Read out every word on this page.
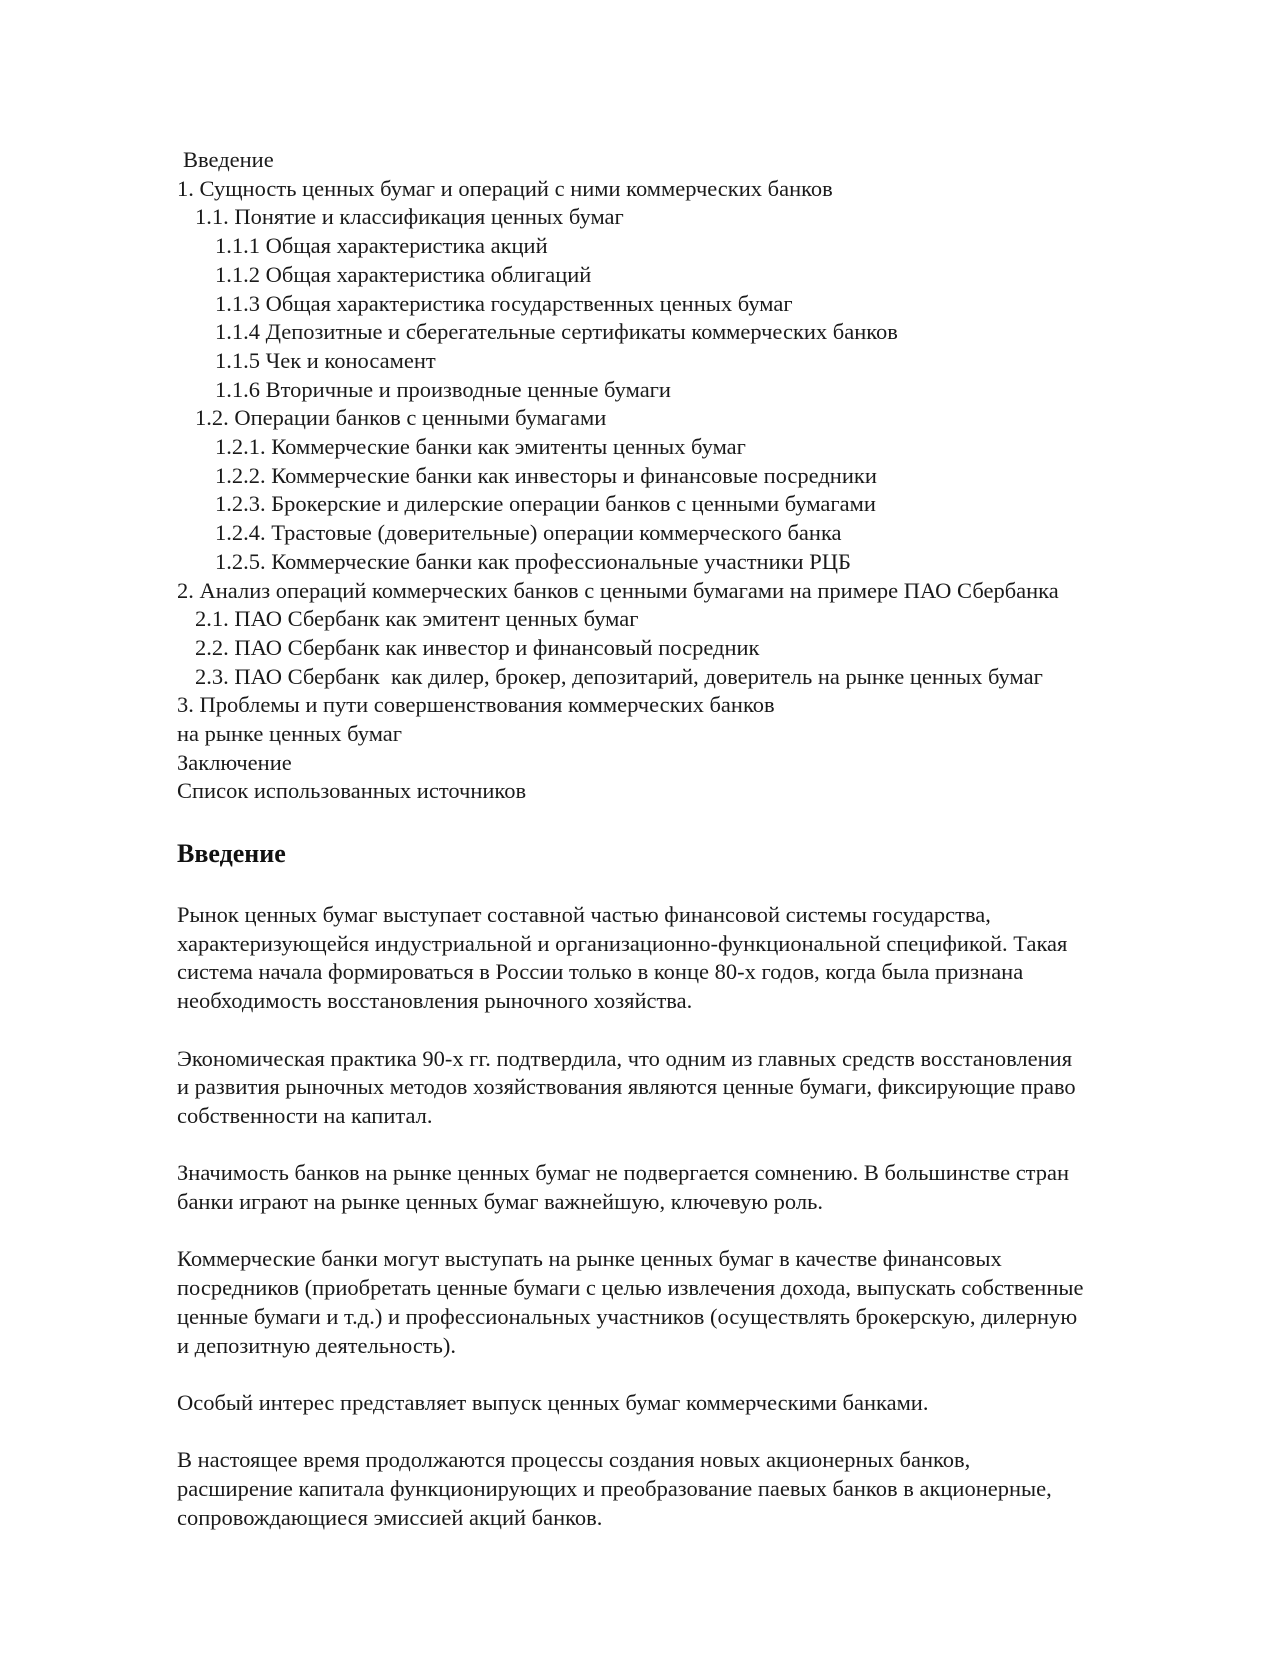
Введение
1. Сущность ценных бумаг и операций с ними коммерческих банков
1.1. Понятие и классификация ценных бумаг
1.1.1 Общая характеристика акций
1.1.2 Общая характеристика облигаций
1.1.3 Общая характеристика государственных ценных бумаг
1.1.4 Депозитные и сберегательные сертификаты коммерческих банков
1.1.5 Чек и коносамент
1.1.6 Вторичные и производные ценные бумаги
1.2. Операции банков с ценными бумагами
1.2.1. Коммерческие банки как эмитенты ценных бумаг
1.2.2. Коммерческие банки как инвесторы и финансовые посредники
1.2.3. Брокерские и дилерские операции банков с ценными бумагами
1.2.4. Трастовые (доверительные) операции коммерческого банка
1.2.5. Коммерческие банки как профессиональные участники РЦБ
2. Анализ операций коммерческих банков с ценными бумагами на примере ПАО Сбербанка
2.1. ПАО Сбербанк как эмитент ценных бумаг
2.2. ПАО Сбербанк как инвестор и финансовый посредник
2.3. ПАО Сбербанк  как дилер, брокер, депозитарий, доверитель на рынке ценных бумаг
3. Проблемы и пути совершенствования коммерческих банков
на рынке ценных бумаг
Заключение
Список использованных источников
Введение

Рынок ценных бумаг выступает составной частью финансовой системы государства,
характеризующейся индустриальной и организационно-функциональной спецификой. Такая
система начала формироваться в России только в конце 80-х годов, когда была признана
необходимость восстановления рыночного хозяйства.

Экономическая практика 90-х гг. подтвердила, что одним из главных средств восстановления
и развития рыночных методов хозяйствования являются ценные бумаги, фиксирующие право
собственности на капитал.

Значимость банков на рынке ценных бумаг не подвергается сомнению. В большинстве стран
банки играют на рынке ценных бумаг важнейшую, ключевую роль.

Коммерческие банки могут выступать на рынке ценных бумаг в качестве финансовых
посредников (приобретать ценные бумаги с целью извлечения дохода, выпускать собственные
ценные бумаги и т.д.) и профессиональных участников (осуществлять брокерскую, дилерную
и депозитную деятельность).

Особый интерес представляет выпуск ценных бумаг коммерческими банками.

В настоящее время продолжаются процессы создания новых акционерных банков,
расширение капитала функционирующих и преобразование паевых банков в акционерные,
сопровождающиеся эмиссией акций банков.
